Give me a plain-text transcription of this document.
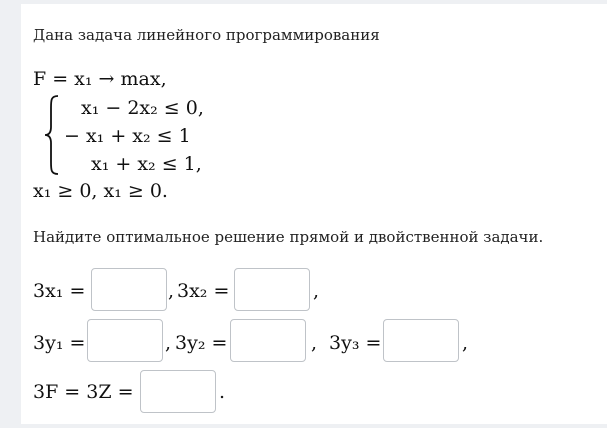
Дана задача линейного программирования
F = x₁ → max,
x₁ − 2x₂ ≤ 0,
− x₁ + x₂ ≤ 1
x₁ + x₂ ≤ 1,
x₁ ≥ 0, x₁ ≥ 0.
Найдите оптимальное решение прямой и двойственной задачи.
3x₁ =	, 3x₂ =	,
3y₁ =	, 3y₂ =	, 3y₃ =	,
3F = 3Z =	.
